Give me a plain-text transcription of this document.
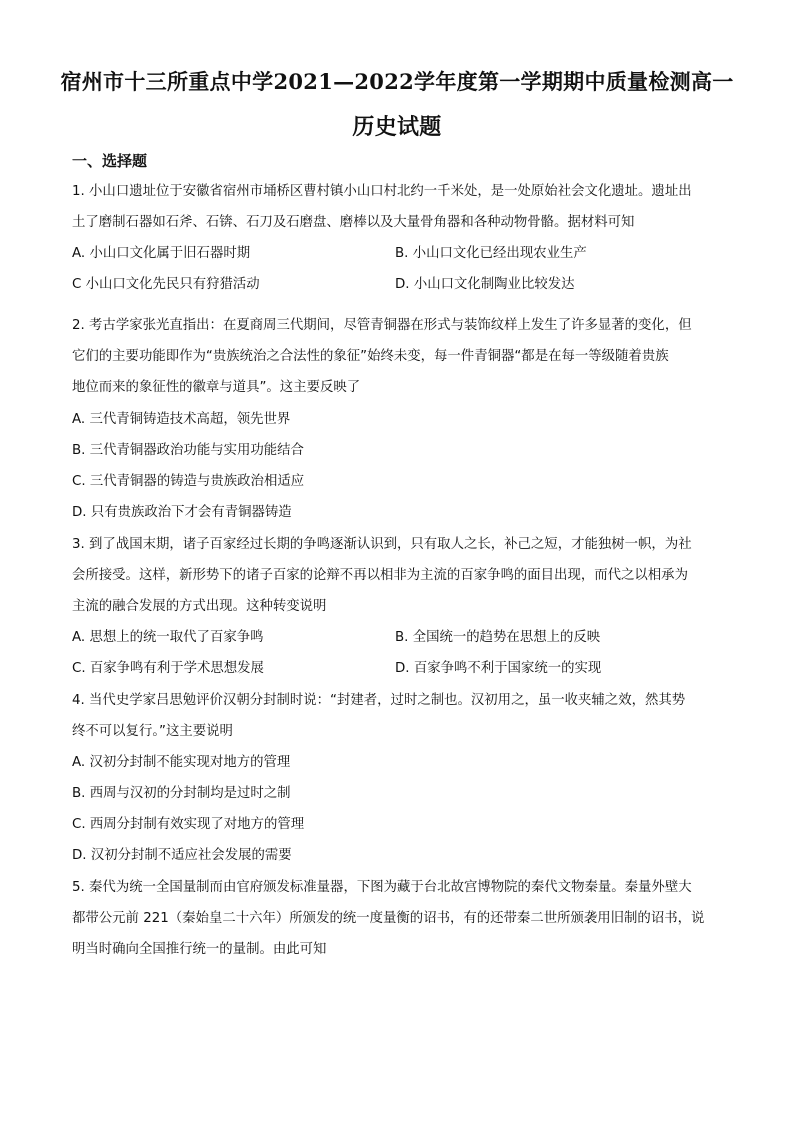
宿州市十三所重点中学2021—2022学年度第一学期期中质量检测高一
历史试题
一、选择题
1. 小山口遗址位于安徽省宿州市埇桥区曹村镇小山口村北约一千米处，是一处原始社会文化遗址。遗址出
土了磨制石器如石斧、石锛、石刀及石磨盘、磨棒以及大量骨角器和各种动物骨骼。据材料可知
A. 小山口文化属于旧石器时期	B. 小山口文化已经出现农业生产
C 小山口文化先民只有狩猎活动	D. 小山口文化制陶业比较发达
2. 考古学家张光直指出：在夏商周三代期间，尽管青铜器在形式与装饰纹样上发生了许多显著的变化，但
它们的主要功能即作为“贵族统治之合法性的象征”始终未变，每一件青铜器“都是在每一等级随着贵族
地位而来的象征性的徽章与道具”。这主要反映了
A. 三代青铜铸造技术高超，领先世界
B. 三代青铜器政治功能与实用功能结合
C. 三代青铜器的铸造与贵族政治相适应
D. 只有贵族政治下才会有青铜器铸造
3. 到了战国末期，诸子百家经过长期的争鸣逐渐认识到，只有取人之长，补己之短，才能独树一帜，为社
会所接受。这样，新形势下的诸子百家的论辩不再以相非为主流的百家争鸣的面目出现，而代之以相承为
主流的融合发展的方式出现。这种转变说明
A. 思想上的统一取代了百家争鸣	B. 全国统一的趋势在思想上的反映
C. 百家争鸣有利于学术思想发展	D. 百家争鸣不利于国家统一的实现
4. 当代史学家吕思勉评价汉朝分封制时说：“封建者，过时之制也。汉初用之，虽一收夹辅之效，然其势
终不可以复行。”这主要说明
A. 汉初分封制不能实现对地方的管理
B. 西周与汉初的分封制均是过时之制
C. 西周分封制有效实现了对地方的管理
D. 汉初分封制不适应社会发展的需要
5. 秦代为统一全国量制而由官府颁发标准量器，下图为藏于台北故宫博物院的秦代文物秦量。秦量外壁大
都带公元前 221（秦始皇二十六年）所颁发的统一度量衡的诏书，有的还带秦二世所颁袭用旧制的诏书，说
明当时确向全国推行统一的量制。由此可知
